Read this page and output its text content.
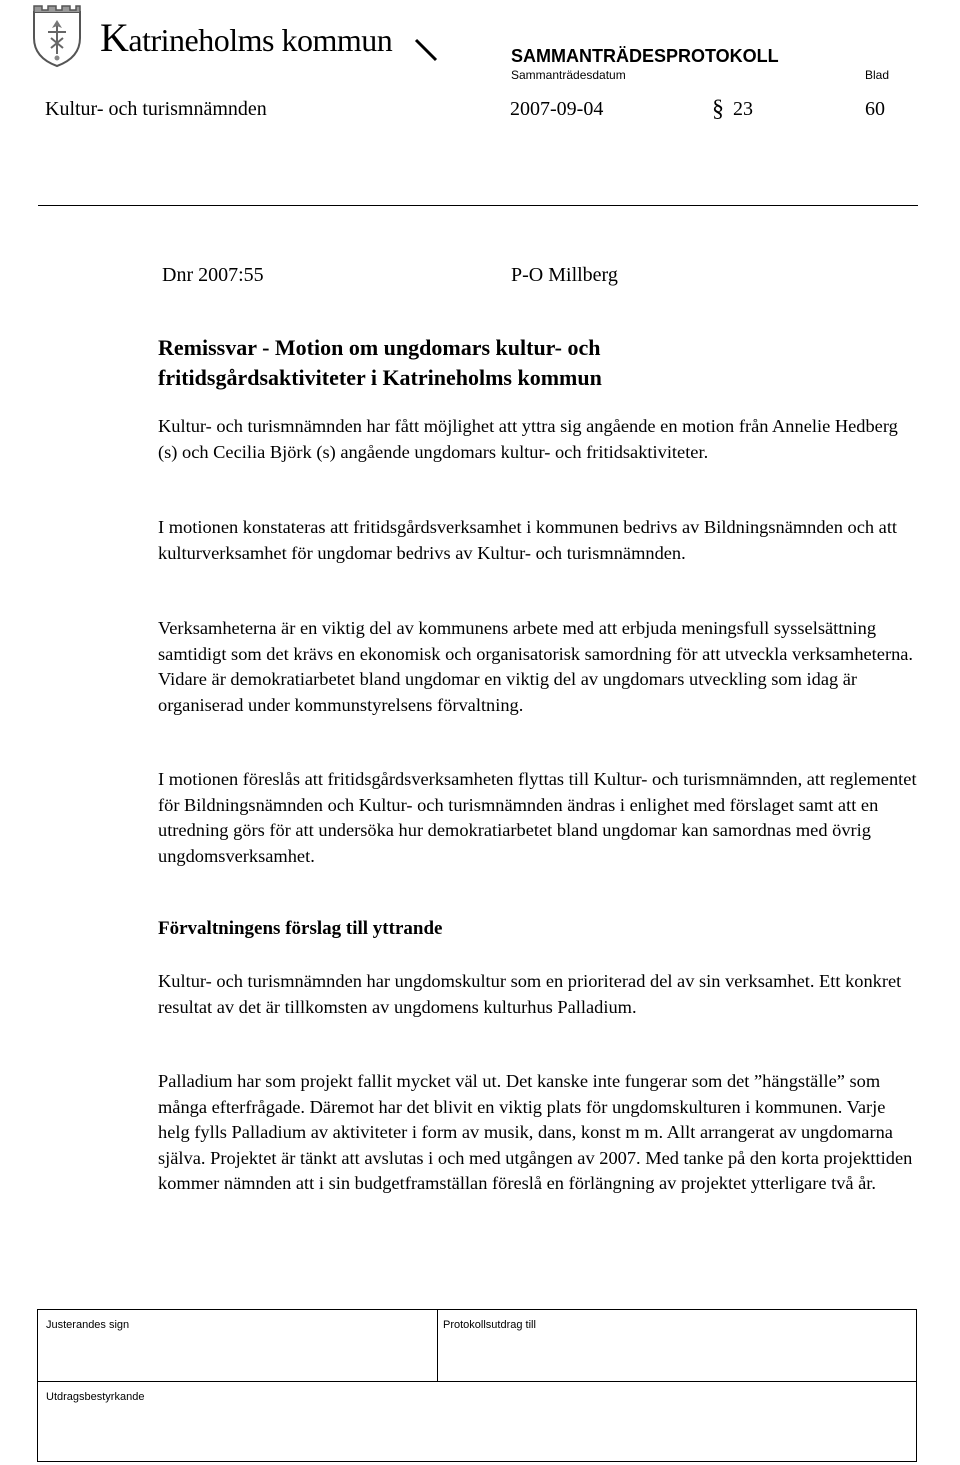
Katrineholms kommun	SAMMANTRÄDESPROTOKOLL
Sammanträdesdatum	Blad
Kultur- och turismnämnden	2007-09-04	§ 23	60
Dnr 2007:55	P-O Millberg
Remissvar - Motion om ungdomars kultur- och
fritidsgårdsaktiviteter i Katrineholms kommun
Kultur- och turismnämnden har fått möjlighet att yttra sig angående en motion från Annelie Hedberg (s) och Cecilia Björk (s) angående ungdomars kultur- och fritidsaktiviteter.
I motionen konstateras att fritidsgårdsverksamhet i kommunen bedrivs av Bildningsnämnden och att kulturverksamhet för ungdomar bedrivs av Kultur- och turismnämnden.
Verksamheterna är en viktig del av kommunens arbete med att erbjuda meningsfull sysselsättning samtidigt som det krävs en ekonomisk och organisatorisk samordning för att utveckla verksamheterna. Vidare är demokratiarbetet bland ungdomar en viktig del av ungdomars utveckling som idag är organiserad under kommunstyrelsens förvaltning.
I motionen föreslås att fritidsgårdsverksamheten flyttas till Kultur- och turismnämnden, att reglementet för Bildningsnämnden och Kultur- och turismnämnden ändras i enlighet med förslaget samt att en utredning görs för att undersöka hur demokratiarbetet bland ungdomar kan samordnas med övrig ungdomsverksamhet.
Förvaltningens förslag till yttrande
Kultur- och turismnämnden har ungdomskultur som en prioriterad del av sin verksamhet. Ett konkret resultat av det är tillkomsten av ungdomens kulturhus Palladium.
Palladium har som projekt fallit mycket väl ut. Det kanske inte fungerar som det ”hängställe” som många efterfrågade. Däremot har det blivit en viktig plats för ungdomskulturen i kommunen. Varje helg fylls Palladium av aktiviteter i form av musik, dans, konst m m. Allt arrangerat av ungdomarna själva. Projektet är tänkt att avslutas i och med utgången av 2007. Med tanke på den korta projekttiden kommer nämnden att i sin budgetframställan föreslå en förlängning av projektet ytterligare två år.
Justerandes sign	Protokollsutdrag till
Utdragsbestyrkande
